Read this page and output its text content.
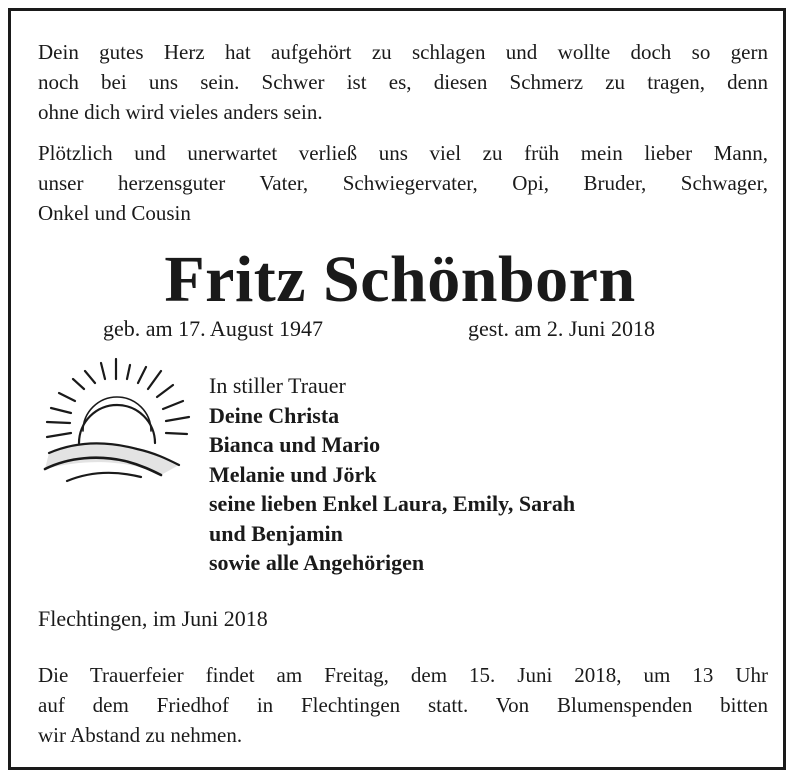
Dein gutes Herz hat aufgehört zu schlagen und wollte doch so gern
noch bei uns sein. Schwer ist es, diesen Schmerz zu tragen, denn
ohne dich wird vieles anders sein.
Plötzlich und unerwartet verließ uns viel zu früh mein lieber Mann,
unser herzensguter Vater, Schwiegervater, Opi, Bruder, Schwager,
Onkel und Cousin
Fritz Schönborn
geb. am 17. August 1947	gest. am 2. Juni 2018
In stiller Trauer
Deine Christa
Bianca und Mario
Melanie und Jörk
seine lieben Enkel Laura, Emily, Sarah
und Benjamin
sowie alle Angehörigen
Flechtingen, im Juni 2018
Die Trauerfeier findet am Freitag, dem 15. Juni 2018, um 13 Uhr
auf dem Friedhof in Flechtingen statt. Von Blumenspenden bitten
wir Abstand zu nehmen.
